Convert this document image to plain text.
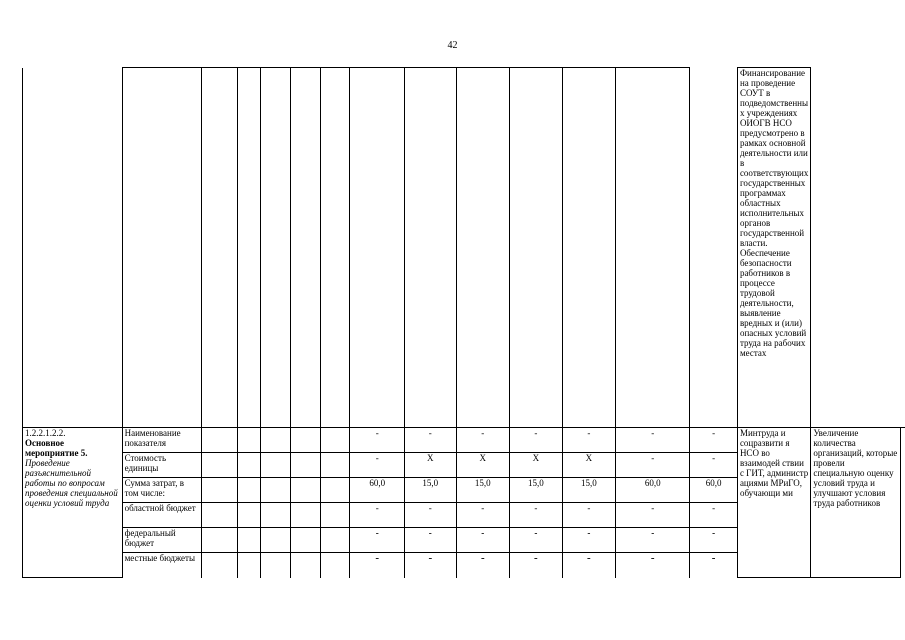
42
														Финансирование на проведение СОУТ в подведомственны х учреждениях ОИОГВ НСО предусмотрено в рамках основной деятельности или в соответствующих государственных программах областных исполнительных органов государственной власти. Обеспечение безопасности работников в процессе трудовой деятельности, выявление вредных и (или) опасных условий труда на рабочих местах		
1.2.2.1.2.2.
Основное мероприятие 5.
Проведение разъяснительной работы по вопросам проведения специальной оценки условий труда	Наименование показателя						-	-	-	-	-	-	-	Минтруда и соцразвити я НСО во взаимодей ствии с ГИТ, администр ациями МРиГО, обучающи ми	Увеличение количества организаций, которые провели специальную оценку условий труда и улучшают условия труда работников	
	Стоимость единицы						-	X	X	X	X	-	-			
	Сумма затрат, в том числе:						60,0	15,0	15,0	15,0	15,0	60,0	60,0			
	областной бюджет						-	-	-	-	-	-	-			
	федеральный бюджет						-	-	-	-	-	-	-			
	местные бюджеты						-	-	-	-	-	-	-			
